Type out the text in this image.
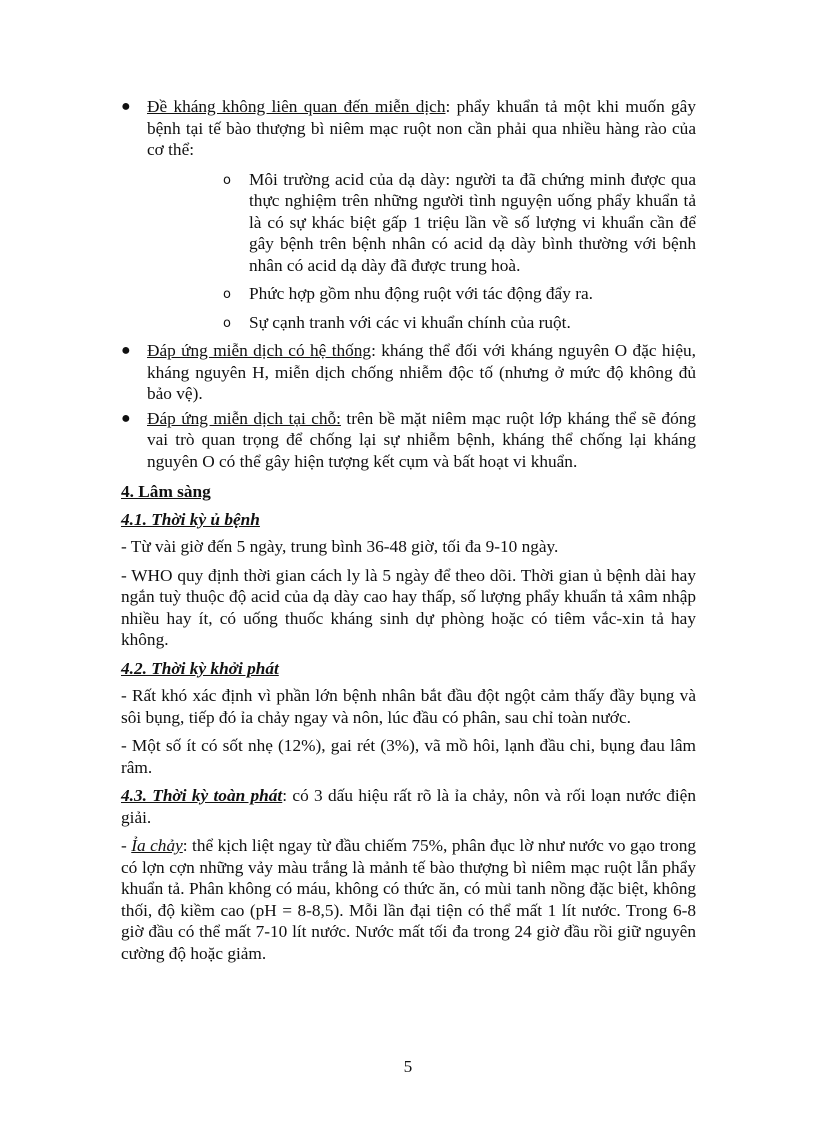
● Đề kháng không liên quan đến miễn dịch: phẩy khuẩn tả một khi muốn gây bệnh tại tế bào thượng bì niêm mạc ruột non cần phải qua nhiều hàng rào của cơ thể:

o Môi trường acid của dạ dày: người ta đã chứng minh được qua thực nghiệm trên những người tình nguyện uống phẩy khuẩn tả là có sự khác biệt gấp 1 triệu lần về số lượng vi khuẩn cần để gây bệnh trên bệnh nhân có acid dạ dày bình thường với bệnh nhân có acid dạ dày đã được trung hoà.

o Phức hợp gồm nhu động ruột với tác động đẩy ra.

o Sự cạnh tranh với các vi khuẩn chính của ruột.

● Đáp ứng miễn dịch có hệ thống: kháng thể đối với kháng nguyên O đặc hiệu, kháng nguyên H, miễn dịch chống nhiễm độc tố (nhưng ở mức độ không đủ bảo vệ).

● Đáp ứng miễn dịch tại chỗ: trên bề mặt niêm mạc ruột lớp kháng thể sẽ đóng vai trò quan trọng để chống lại sự nhiễm bệnh, kháng thể chống lại kháng nguyên O có thể gây hiện tượng kết cụm và bất hoạt vi khuẩn.

4. Lâm sàng

4.1. Thời kỳ ủ bệnh

- Từ vài giờ đến 5 ngày, trung bình 36-48 giờ, tối đa 9-10 ngày.

- WHO quy định thời gian cách ly là 5 ngày để theo dõi. Thời gian ủ bệnh dài hay ngắn tuỳ thuộc độ acid của dạ dày cao hay thấp, số lượng phẩy khuẩn tả xâm nhập nhiều hay ít, có uống thuốc kháng sinh dự phòng hoặc có tiêm vắc-xin tả hay không.

4.2. Thời kỳ khởi phát

- Rất khó xác định vì phần lớn bệnh nhân bắt đầu đột ngột cảm thấy đầy bụng và sôi bụng, tiếp đó ỉa chảy ngay và nôn, lúc đầu có phân, sau chỉ toàn nước.

- Một số ít có sốt nhẹ (12%), gai rét (3%), vã mồ hôi, lạnh đầu chi, bụng đau lâm râm.

4.3. Thời kỳ toàn phát: có 3 dấu hiệu rất rõ là ỉa chảy, nôn và rối loạn nước điện giải.

- Ỉa chảy: thể kịch liệt ngay từ đầu chiếm 75%, phân đục lờ như nước vo gạo trong có lợn cợn những vảy màu trắng là mảnh tế bào thượng bì niêm mạc ruột lẫn phẩy khuẩn tả. Phân không có máu, không có thức ăn, có mùi tanh nồng đặc biệt, không thối, độ kiềm cao (pH = 8-8,5). Mỗi lần đại tiện có thể mất 1 lít nước. Trong 6-8 giờ đầu có thể mất 7-10 lít nước. Nước mất tối đa trong 24 giờ đầu rồi giữ nguyên cường độ hoặc giảm.

5
